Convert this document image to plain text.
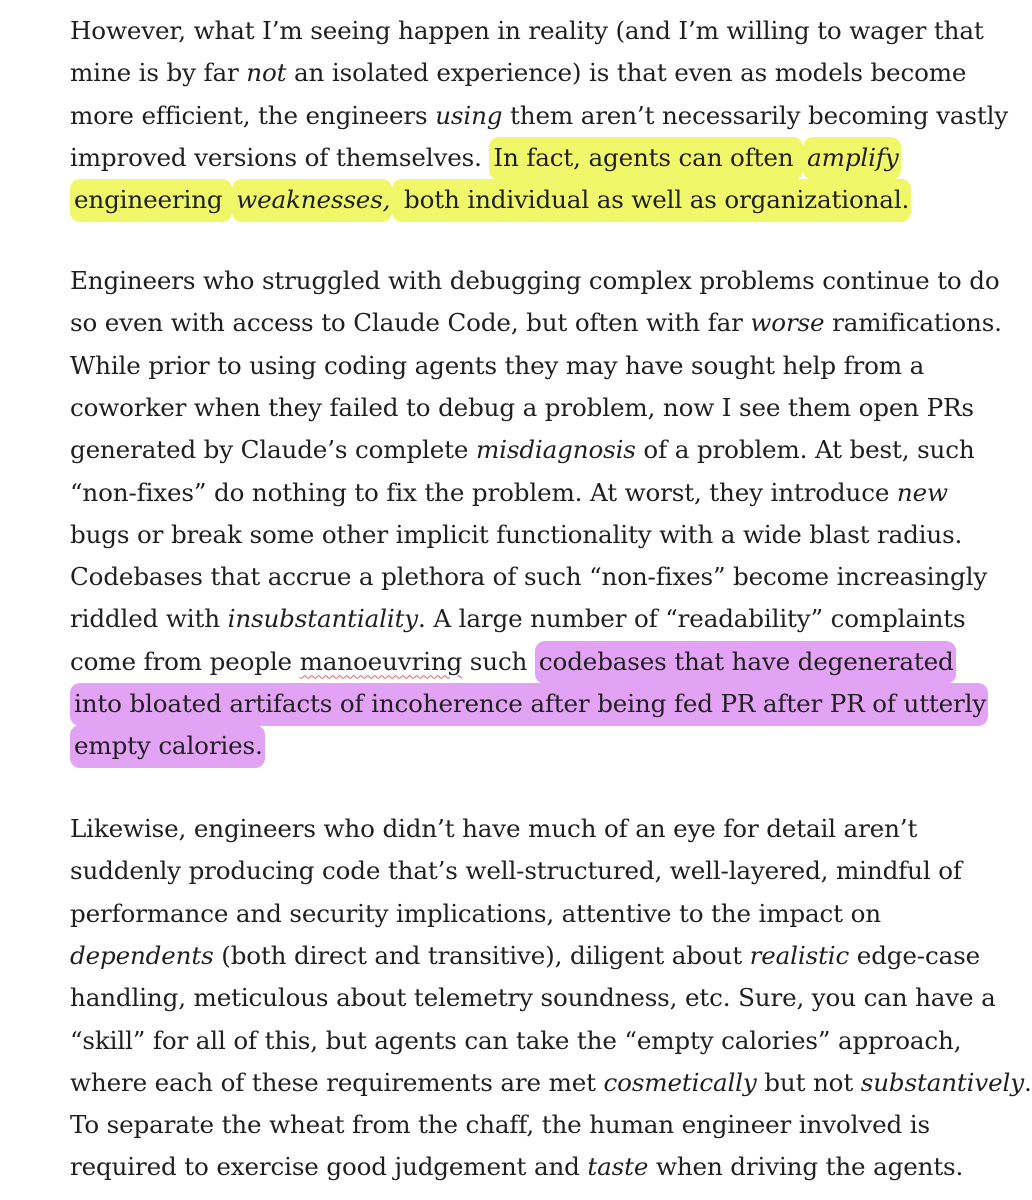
However, what I’m seeing happen in reality (and I’m willing to wager that
mine is by far not an isolated experience) is that even as models become
more efficient, the engineers using them aren’t necessarily becoming vastly
improved versions of themselves. In fact, agents can often amplify
engineering weaknesses, both individual as well as organizational.
Engineers who struggled with debugging complex problems continue to do
so even with access to Claude Code, but often with far worse ramifications.
While prior to using coding agents they may have sought help from a
coworker when they failed to debug a problem, now I see them open PRs
generated by Claude’s complete misdiagnosis of a problem. At best, such
“non-fixes” do nothing to fix the problem. At worst, they introduce new
bugs or break some other implicit functionality with a wide blast radius.
Codebases that accrue a plethora of such “non-fixes” become increasingly
riddled with insubstantiality. A large number of “readability” complaints
come from people manoeuvring such codebases that have degenerated
into bloated artifacts of incoherence after being fed PR after PR of utterly
empty calories.
Likewise, engineers who didn’t have much of an eye for detail aren’t
suddenly producing code that’s well-structured, well-layered, mindful of
performance and security implications, attentive to the impact on
dependents (both direct and transitive), diligent about realistic edge-case
handling, meticulous about telemetry soundness, etc. Sure, you can have a
“skill” for all of this, but agents can take the “empty calories” approach,
where each of these requirements are met cosmetically but not substantively.
To separate the wheat from the chaff, the human engineer involved is
required to exercise good judgement and taste when driving the agents.
